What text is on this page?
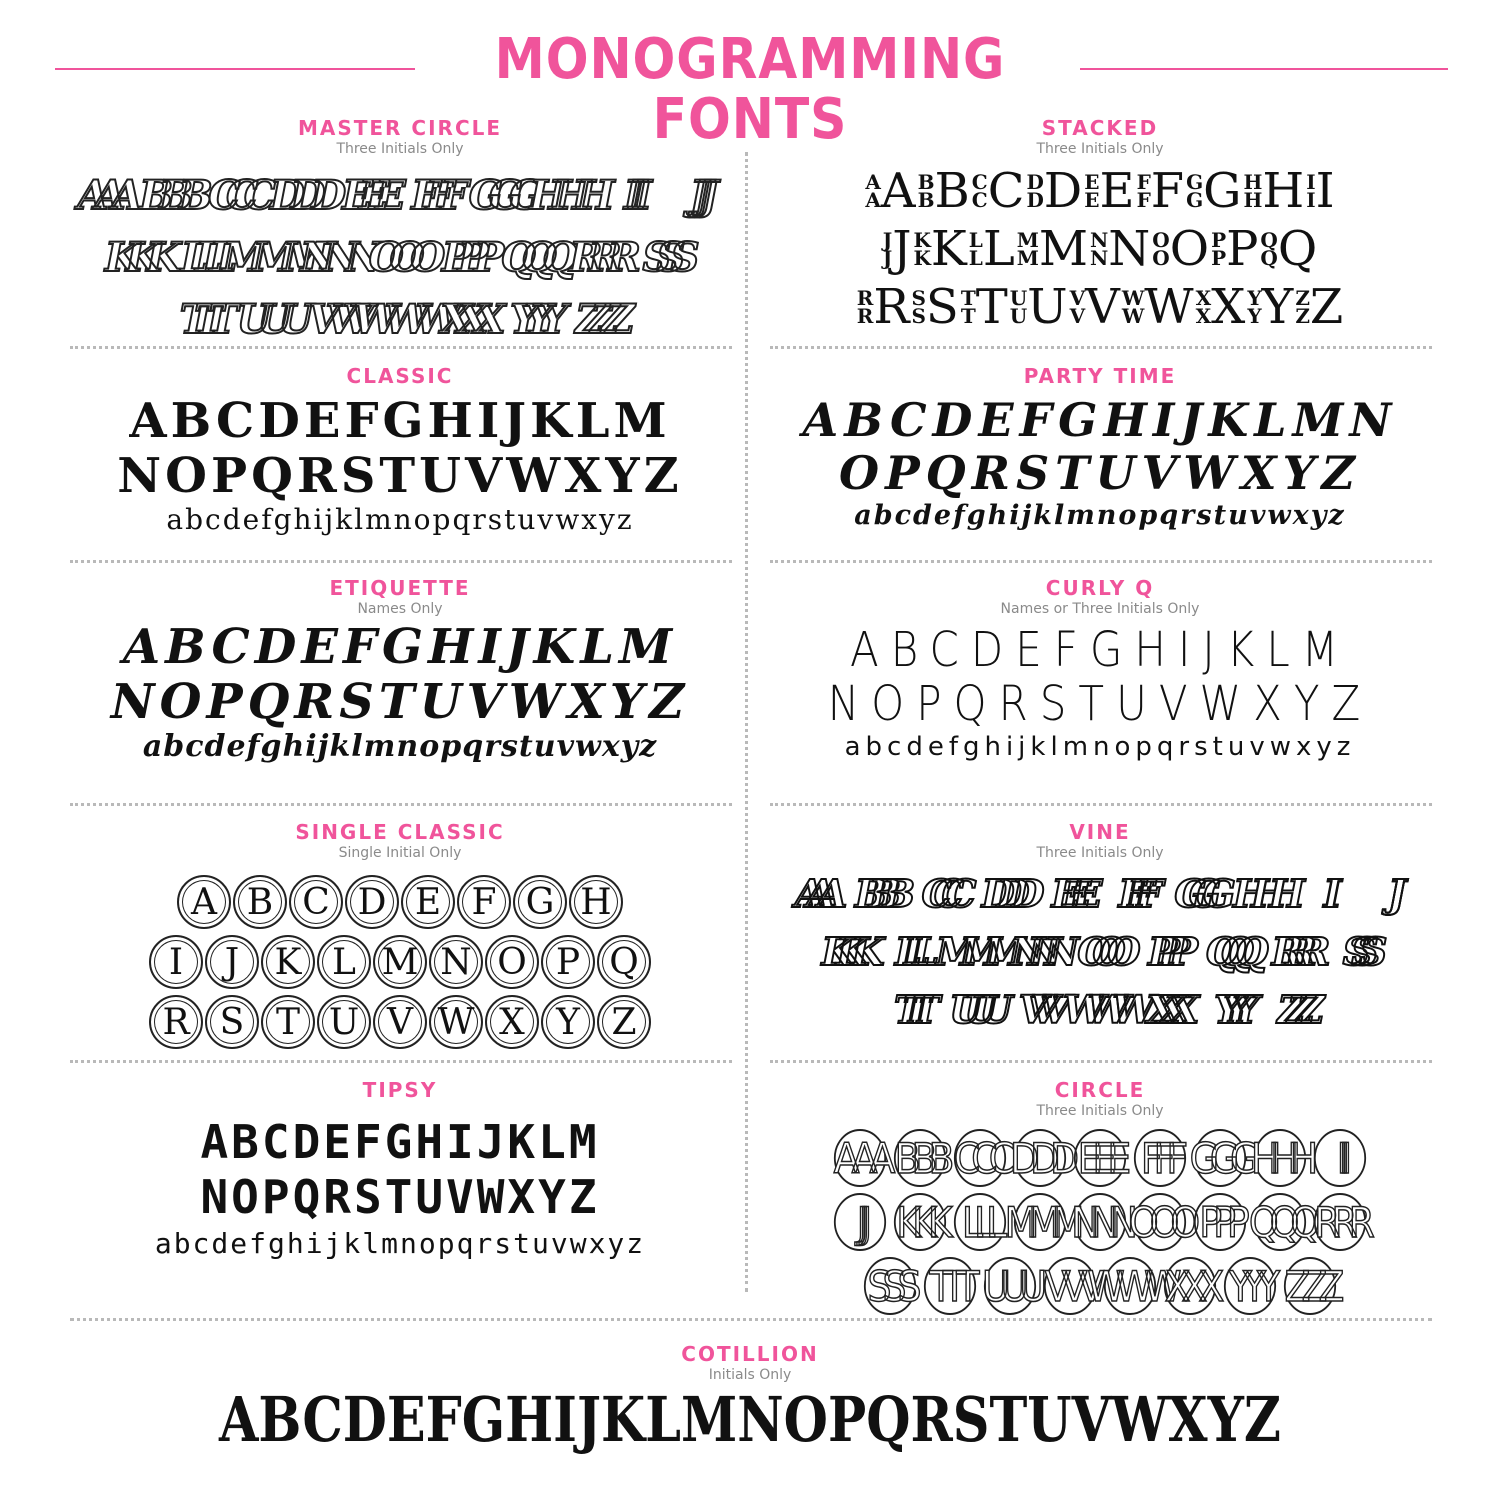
MONOGRAMMING FONTS
MASTER CIRCLE
Three Initials Only
AAA BBB CCC DDD EEE FFF GGG HHH III	JJJ
KKK LLL MMM
NNN OOO PPP QQQ RRR SSS
TTT UUU VVV
WWW
XXX YYY ZZZ
STACKED
Three Initials Only
A
A A B
B B C
C C D
D D E
E E F
F F G
G G H
H H I
I I
J
J J K
K K L
L L M
M M N
N N O
O O P
P P Q
Q Q
R
R R S
S S T
T T U
U U V
V V W
W W X
X X Y
Y Y Z
Z Z
CLASSIC
ABCDEFGHIJKLM
NOPQRSTUVWXYZ
abcdefghijklmnopqrstuvwxyz
PARTY TIME
ABCDEFGHIJKLMN
OPQRSTUVWXYZ
abcdefghijklmnopqrstuvwxyz
ETIQUETTE
Names Only
ABCDEFGHIJKLM
NOPQRSTUVWXYZ
abcdefghijklmnopqrstuvwxyz
CURLY Q
Names or Three Initials Only
ABCDEFGHIJKLM
NOPQRSTUVWXYZ
abcdefghijklmnopqrstuvwxyz
SINGLE CLASSIC
Single Initial Only
A B C D E F G H
I	J K L M N O P Q
R S T U V W X Y Z
VINE
Three Initials Only
AAA BBB CCC DDD EEE FFF GGG HHH
KKK LLL MMM NNN OOO PPP QQQ RRR SSS
TTT UUU VVV WWW XXX YYY ZZZ
TIPSY
ABCDEFGHIJKLM
NOPQRSTUVWXYZ
abcdefghijklmnopqrstuvwxyz
CIRCLE
Three Initials Only
AAA BBB CCC DDD EEE FFF GGG HHH III
JJJ KKK LLL MMM
NNN OOO PPP QQQ RRR
SSS TTT UUU VVV
WWW
XXX YYY ZZZ
COTILLION
Initials Only
ABCDEFGHIJKLMNOPQRSTUVWXYZ
